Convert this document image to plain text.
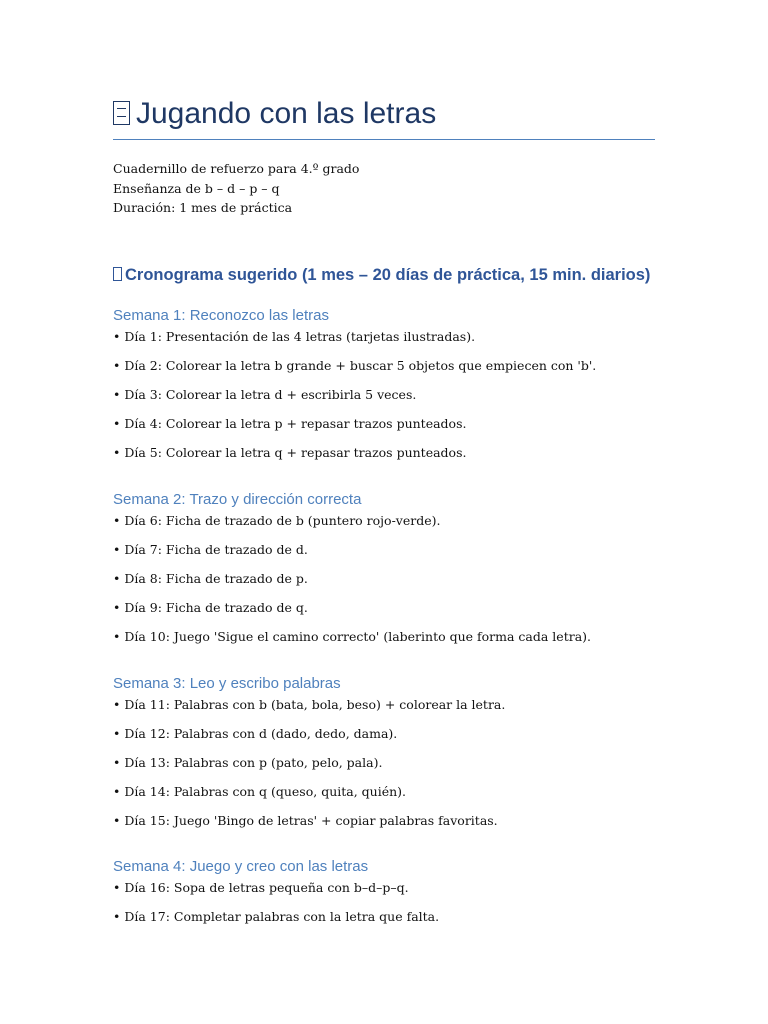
Jugando con las letras
Cuadernillo de refuerzo para 4.º grado
Enseñanza de b – d – p – q
Duración: 1 mes de práctica
Cronograma sugerido (1 mes – 20 días de práctica, 15 min. diarios)
Semana 1: Reconozco las letras
• Día 1: Presentación de las 4 letras (tarjetas ilustradas).
• Día 2: Colorear la letra b grande + buscar 5 objetos que empiecen con 'b'.
• Día 3: Colorear la letra d + escribirla 5 veces.
• Día 4: Colorear la letra p + repasar trazos punteados.
• Día 5: Colorear la letra q + repasar trazos punteados.
Semana 2: Trazo y dirección correcta
• Día 6: Ficha de trazado de b (puntero rojo-verde).
• Día 7: Ficha de trazado de d.
• Día 8: Ficha de trazado de p.
• Día 9: Ficha de trazado de q.
• Día 10: Juego 'Sigue el camino correcto' (laberinto que forma cada letra).
Semana 3: Leo y escribo palabras
• Día 11: Palabras con b (bata, bola, beso) + colorear la letra.
• Día 12: Palabras con d (dado, dedo, dama).
• Día 13: Palabras con p (pato, pelo, pala).
• Día 14: Palabras con q (queso, quita, quién).
• Día 15: Juego 'Bingo de letras' + copiar palabras favoritas.
Semana 4: Juego y creo con las letras
• Día 16: Sopa de letras pequeña con b–d–p–q.
• Día 17: Completar palabras con la letra que falta.
